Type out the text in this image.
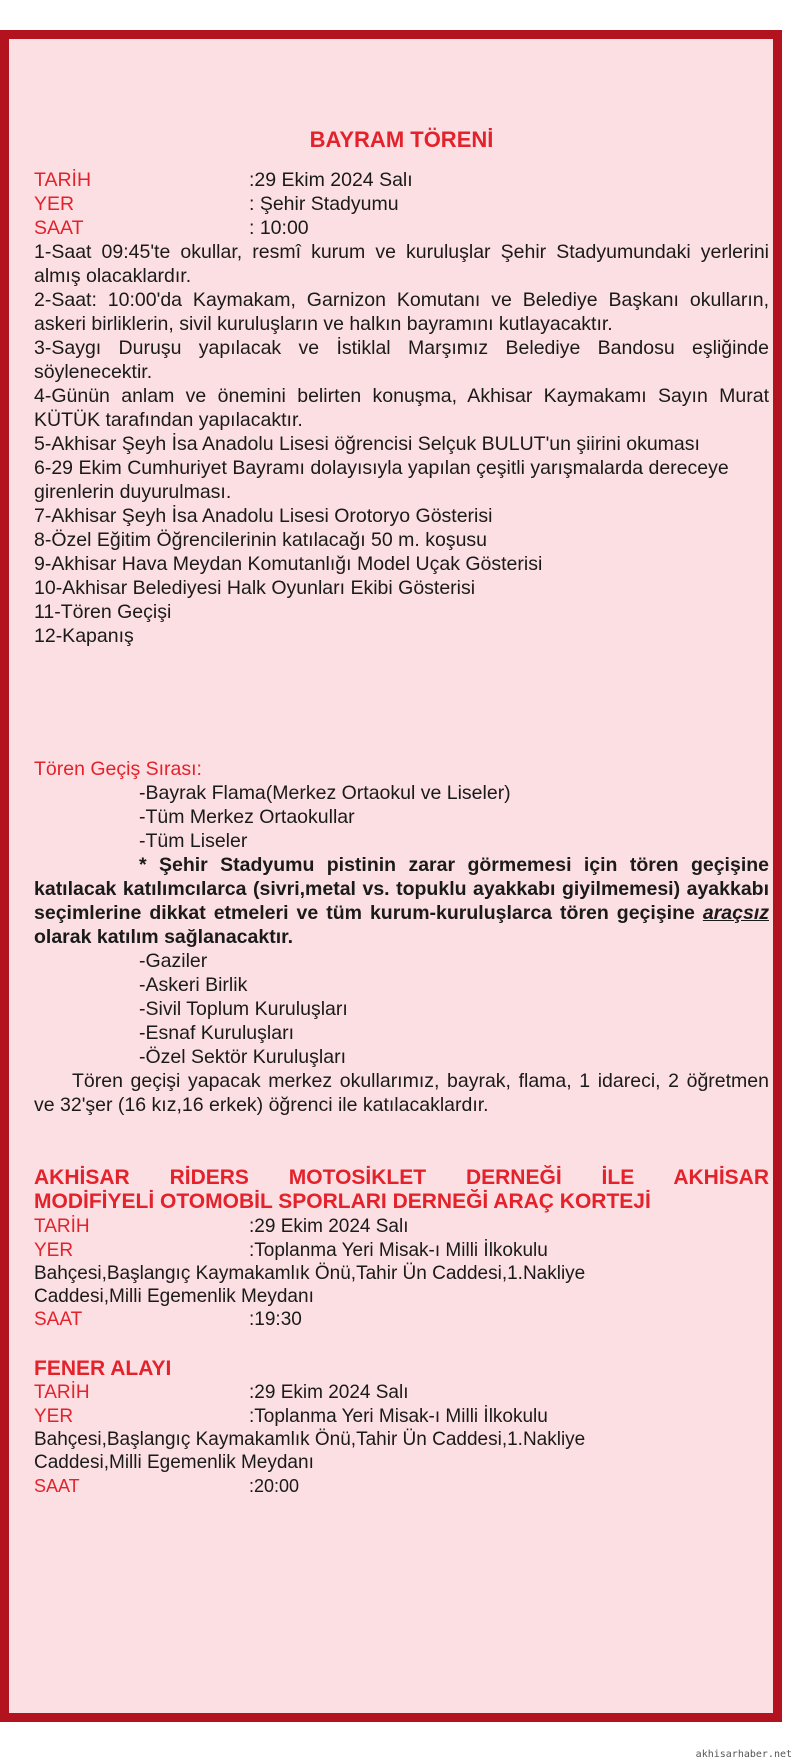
BAYRAM TÖRENİ
TARİH	:29 Ekim 2024 Salı
YER	: Şehir Stadyumu
SAAT	: 10:00

1-Saat 09:45'te okullar, resmî kurum ve kuruluşlar Şehir Stadyumundaki yerlerini almış olacaklardır.

2-Saat: 10:00'da Kaymakam, Garnizon Komutanı ve Belediye Başkanı okulların, askeri birliklerin, sivil kuruluşların ve halkın bayramını kutlayacaktır.

3-Saygı Duruşu yapılacak ve İstiklal Marşımız Belediye Bandosu eşliğinde söylenecektir.

4-Günün anlam ve önemini belirten konuşma, Akhisar Kaymakamı Sayın Murat KÜTÜK tarafından yapılacaktır.

5-Akhisar Şeyh İsa Anadolu Lisesi öğrencisi Selçuk BULUT'un şiirini okuması

6-29 Ekim Cumhuriyet Bayramı dolayısıyla yapılan çeşitli yarışmalarda dereceye girenlerin duyurulması.

7-Akhisar Şeyh İsa Anadolu Lisesi Orotoryo Gösterisi

8-Özel Eğitim Öğrencilerinin katılacağı 50 m. koşusu

9-Akhisar Hava Meydan Komutanlığı Model Uçak Gösterisi

10-Akhisar Belediyesi Halk Oyunları Ekibi Gösterisi

11-Tören Geçişi

12-Kapanış

Tören Geçiş Sırası:

-Bayrak Flama(Merkez Ortaokul ve Liseler)

-Tüm Merkez Ortaokullar

-Tüm Liseler

* Şehir Stadyumu pistinin zarar görmemesi için tören geçişine katılacak katılımcılarca (sivri,metal vs. topuklu ayakkabı giyilmemesi) ayakkabı seçimlerine dikkat etmeleri ve tüm kurum-kuruluşlarca tören geçişine araçsız olarak katılım sağlanacaktır.

-Gaziler

-Askeri Birlik

-Sivil Toplum Kuruluşları

-Esnaf Kuruluşları

-Özel Sektör Kuruluşları

Tören geçişi yapacak merkez okullarımız, bayrak, flama, 1 idareci, 2 öğretmen ve 32'şer (16 kız,16 erkek) öğrenci ile katılacaklardır.

AKHİSAR RİDERS MOTOSİKLET DERNEĞİ İLE AKHİSAR
MODİFİYELİ OTOMOBİL SPORLARI DERNEĞİ ARAÇ KORTEJİ
TARİH	:29 Ekim 2024 Salı
YER	:Toplanma Yeri Misak-ı Milli İlkokulu
Bahçesi,Başlangıç Kaymakamlık Önü,Tahir Ün Caddesi,1.Nakliye
Caddesi,Milli Egemenlik Meydanı
SAAT	:19:30
FENER ALAYI
TARİH	:29 Ekim 2024 Salı
YER	:Toplanma Yeri Misak-ı Milli İlkokulu
Bahçesi,Başlangıç Kaymakamlık Önü,Tahir Ün Caddesi,1.Nakliye
Caddesi,Milli Egemenlik Meydanı
SAAT	:20:00
akhisarhaber.net
